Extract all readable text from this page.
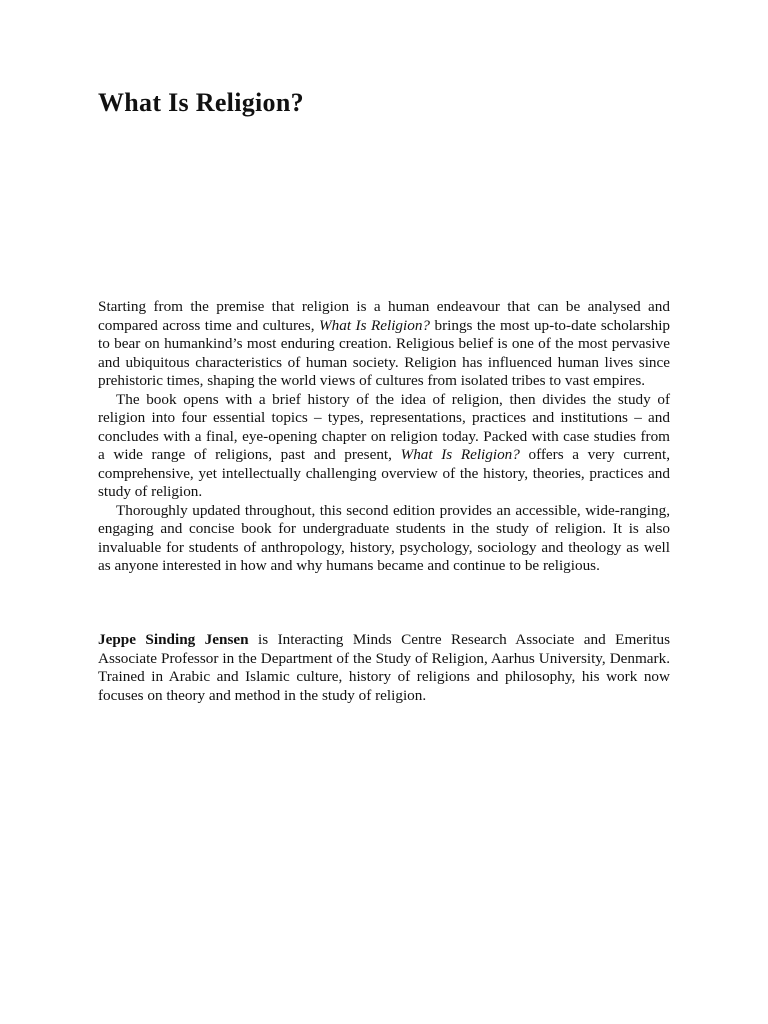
What Is Religion?

Starting from the premise that religion is a human endeavour that can be analysed and compared across time and cultures, What Is Religion? brings the most up-to-date scholarship to bear on humankind’s most enduring creation. Religious belief is one of the most pervasive and ubiquitous characteristics of human society. Religion has influenced human lives since prehistoric times, shaping the world views of cultures from isolated tribes to vast empires.

The book opens with a brief history of the idea of religion, then divides the study of religion into four essential topics – types, representations, practices and institutions – and concludes with a final, eye-opening chapter on religion today. Packed with case studies from a wide range of religions, past and present, What Is Religion? offers a very current, comprehensive, yet intellectually challenging overview of the history, theories, practices and study of religion.

Thoroughly updated throughout, this second edition provides an accessible, wide-ranging, engaging and concise book for undergraduate students in the study of religion. It is also invaluable for students of anthropology, history, psychology, sociology and theology as well as anyone interested in how and why humans became and continue to be religious.

Jeppe Sinding Jensen is Interacting Minds Centre Research Associate and Emeritus Associate Professor in the Department of the Study of Religion, Aarhus University, Denmark. Trained in Arabic and Islamic culture, history of religions and philosophy, his work now focuses on theory and method in the study of religion.
